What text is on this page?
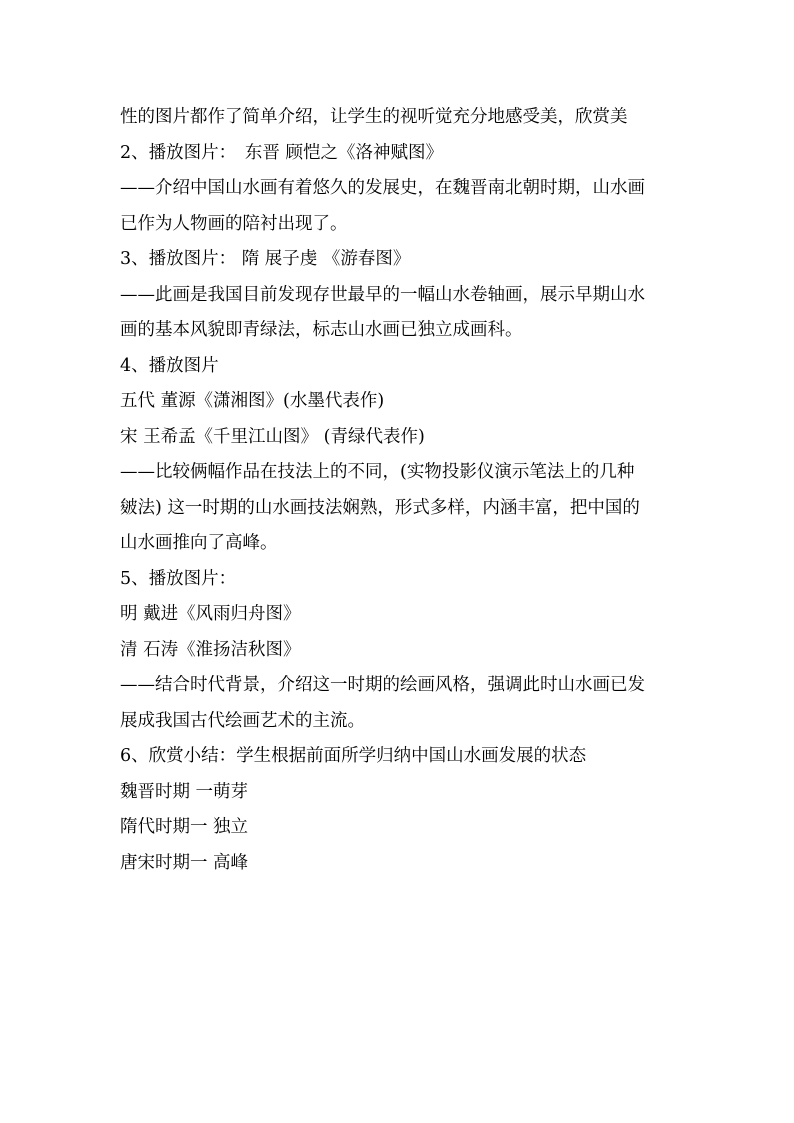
性的图片都作了简单介绍，让学生的视听觉充分地感受美，欣赏美
2、播放图片：　东晋 顾恺之《洛神赋图》
——介绍中国山水画有着悠久的发展史，在魏晋南北朝时期，山水画
已作为人物画的陪衬出现了。
3、播放图片： 隋 展子虔 《游春图》
——此画是我国目前发现存世最早的一幅山水卷轴画，展示早期山水
画的基本风貌即青绿法，标志山水画已独立成画科。
4、播放图片
五代 董源《潇湘图》(水墨代表作)
宋 王希孟《千里江山图》 (青绿代表作)
——比较俩幅作品在技法上的不同，(实物投影仪演示笔法上的几种
皴法) 这一时期的山水画技法娴熟，形式多样，内涵丰富，把中国的
山水画推向了高峰。
5、播放图片：
明 戴进《风雨归舟图》
清 石涛《淮扬洁秋图》
——结合时代背景，介绍这一时期的绘画风格，强调此时山水画已发
展成我国古代绘画艺术的主流。
6、欣赏小结：学生根据前面所学归纳中国山水画发展的状态
魏晋时期 一萌芽
隋代时期一 独立
唐宋时期一 高峰
